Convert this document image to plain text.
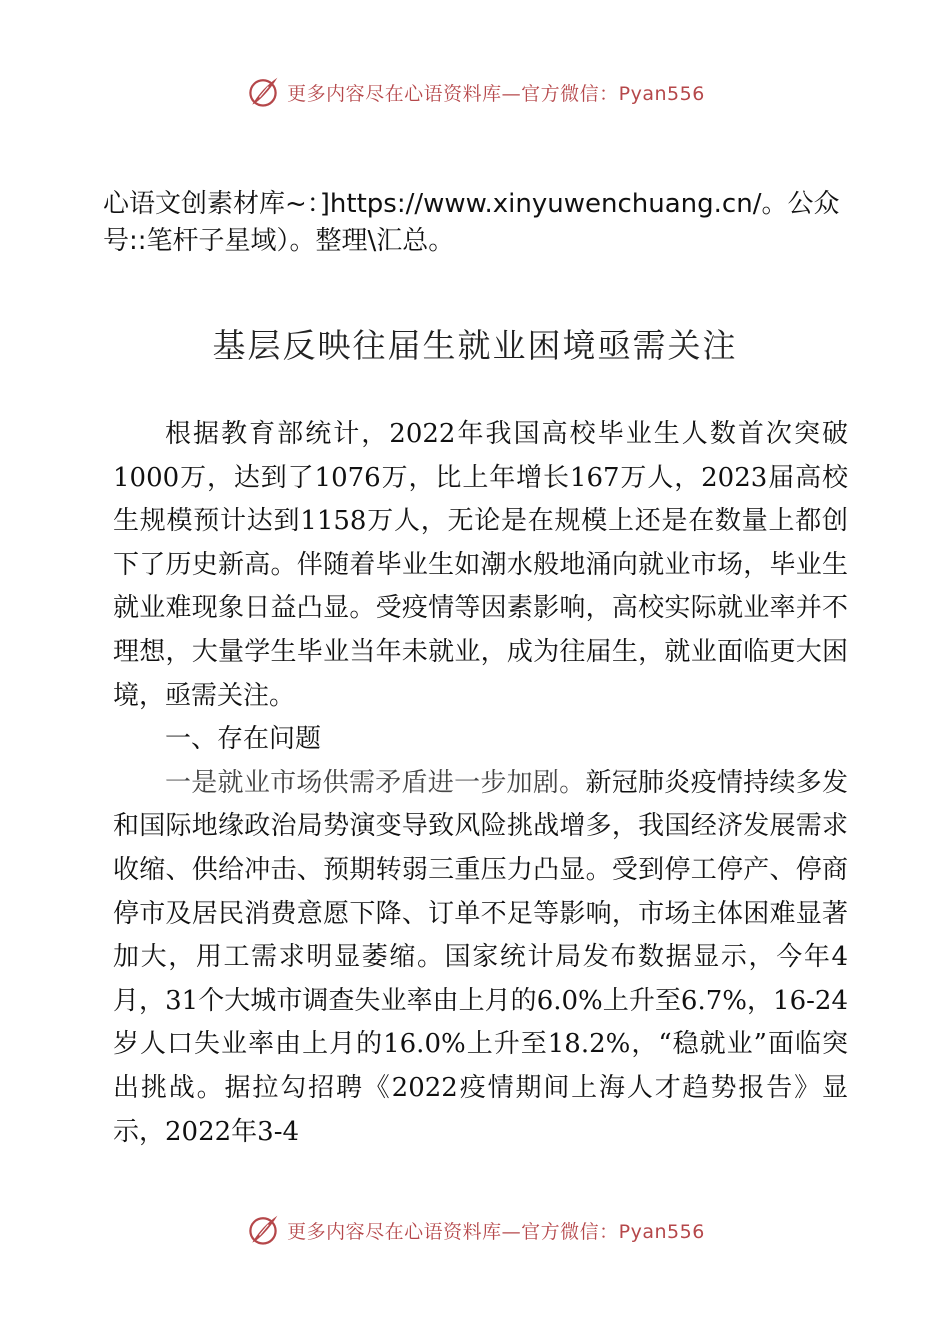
更多内容尽在心语资料库—官方微信：Pyan556

心语文创素材库~：]https://www.xinyuwenchuang.cn/。公众号::笔杆子星域）。整理\汇总。

基层反映往届生就业困境亟需关注

根据教育部统计，2022年我国高校毕业生人数首次突破1000万，达到了1076万，比上年增长167万人，2023届高校生规模预计达到1158万人，无论是在规模上还是在数量上都创下了历史新高。伴随着毕业生如潮水般地涌向就业市场，毕业生就业难现象日益凸显。受疫情等因素影响，高校实际就业率并不理想，大量学生毕业当年未就业，成为往届生，就业面临更大困境，亟需关注。

一、存在问题

一是就业市场供需矛盾进一步加剧。新冠肺炎疫情持续多发和国际地缘政治局势演变导致风险挑战增多，我国经济发展需求收缩、供给冲击、预期转弱三重压力凸显。受到停工停产、停商停市及居民消费意愿下降、订单不足等影响，市场主体困难显著加大，用工需求明显萎缩。国家统计局发布数据显示，今年4月，31个大城市调查失业率由上月的6.0%上升至6.7%，16-24岁人口失业率由上月的16.0%上升至18.2%，“稳就业”面临突出挑战。据拉勾招聘《2022疫情期间上海人才趋势报告》显示，2022年3-4

更多内容尽在心语资料库—官方微信：Pyan556
